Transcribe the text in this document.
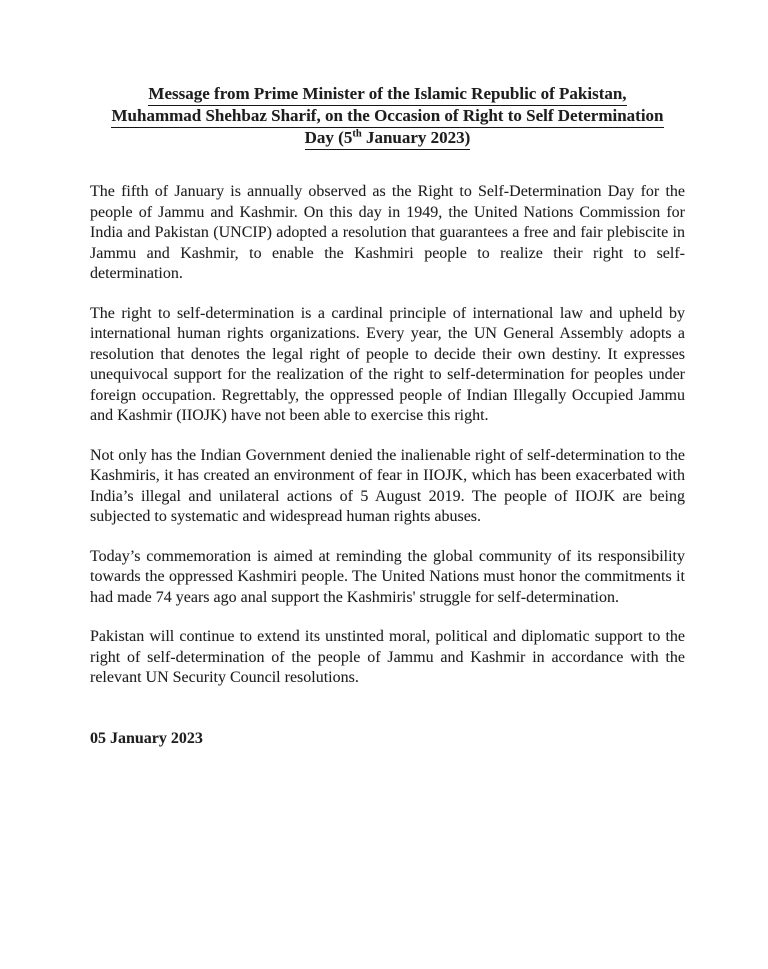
Message from Prime Minister of the Islamic Republic of Pakistan,
Muhammad Shehbaz Sharif, on the Occasion of Right to Self Determination
Day (5th January 2023)

The fifth of January is annually observed as the Right to Self-Determination Day for the people of Jammu and Kashmir. On this day in 1949, the United Nations Commission for India and Pakistan (UNCIP) adopted a resolution that guarantees a free and fair plebiscite in Jammu and Kashmir, to enable the Kashmiri people to realize their right to self-determination.

The right to self-determination is a cardinal principle of international law and upheld by international human rights organizations. Every year, the UN General Assembly adopts a resolution that denotes the legal right of people to decide their own destiny. It expresses unequivocal support for the realization of the right to self-determination for peoples under foreign occupation. Regrettably, the oppressed people of Indian Illegally Occupied Jammu and Kashmir (IIOJK) have not been able to exercise this right.

Not only has the Indian Government denied the inalienable right of self-determination to the Kashmiris, it has created an environment of fear in IIOJK, which has been exacerbated with India’s illegal and unilateral actions of 5 August 2019. The people of IIOJK are being subjected to systematic and widespread human rights abuses.

Today’s commemoration is aimed at reminding the global community of its responsibility towards the oppressed Kashmiri people. The United Nations must honor the commitments it had made 74 years ago anal support the Kashmiris' struggle for self-determination.

Pakistan will continue to extend its unstinted moral, political and diplomatic support to the right of self-determination of the people of Jammu and Kashmir in accordance with the relevant UN Security Council resolutions.

05 January 2023
